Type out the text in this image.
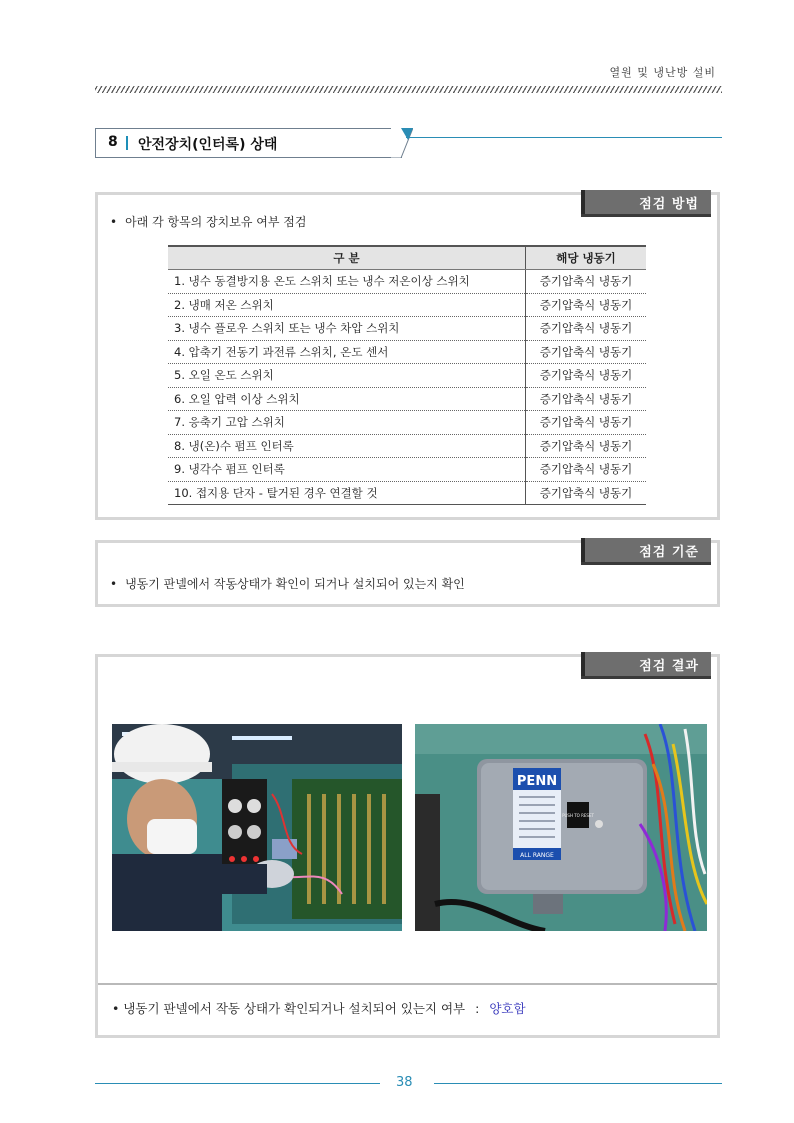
열원 및 냉난방 설비
8 안전장치(인터록) 상태
점검 방법
• 아래 각 항목의 장치보유 여부 점검
구 분	해당 냉동기
1. 냉수 동결방지용 온도 스위치 또는 냉수 저온이상 스위치	증기압축식 냉동기
2. 냉매 저온 스위치	증기압축식 냉동기
3. 냉수 플로우 스위치 또는 냉수 차압 스위치	증기압축식 냉동기
4. 압축기 전동기 과전류 스위치, 온도 센서	증기압축식 냉동기
5. 오일 온도 스위치	증기압축식 냉동기
6. 오일 압력 이상 스위치	증기압축식 냉동기
7. 응축기 고압 스위치	증기압축식 냉동기
8. 냉(온)수 펌프 인터록	증기압축식 냉동기
9. 냉각수 펌프 인터록	증기압축식 냉동기
10. 접지용 단자 - 탈거된 경우 연결할 것	증기압축식 냉동기
점검 기준
• 냉동기 판넬에서 작동상태가 확인이 되거나 설치되어 있는지 확인
점검 결과
PENN
ALL RANGE
PUSH TO RESET
• 냉동기 판넬에서 작동 상태가 확인되거나 설치되어 있는지 여부 : 양호함
38
